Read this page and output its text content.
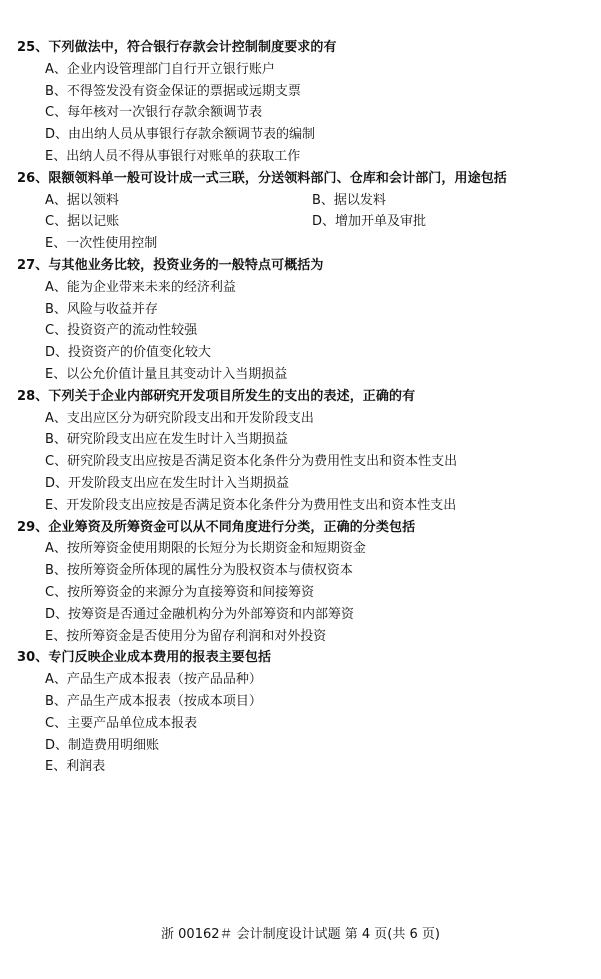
25、下列做法中，符合银行存款会计控制制度要求的有
A、企业内设管理部门自行开立银行账户
B、不得签发没有资金保证的票据或远期支票
C、每年核对一次银行存款余额调节表
D、由出纳人员从事银行存款余额调节表的编制
E、出纳人员不得从事银行对账单的获取工作
26、限额领料单一般可设计成一式三联，分送领料部门、仓库和会计部门，用途包括
A、据以领料	B、据以发料
C、据以记账	D、增加开单及审批
E、一次性使用控制
27、与其他业务比较，投资业务的一般特点可概括为
A、能为企业带来未来的经济利益
B、风险与收益并存
C、投资资产的流动性较强
D、投资资产的价值变化较大
E、以公允价值计量且其变动计入当期损益
28、下列关于企业内部研究开发项目所发生的支出的表述，正确的有
A、支出应区分为研究阶段支出和开发阶段支出
B、研究阶段支出应在发生时计入当期损益
C、研究阶段支出应按是否满足资本化条件分为费用性支出和资本性支出
D、开发阶段支出应在发生时计入当期损益
E、开发阶段支出应按是否满足资本化条件分为费用性支出和资本性支出
29、企业筹资及所筹资金可以从不同角度进行分类，正确的分类包括
A、按所筹资金使用期限的长短分为长期资金和短期资金
B、按所筹资金所体现的属性分为股权资本与债权资本
C、按所筹资金的来源分为直接筹资和间接筹资
D、按筹资是否通过金融机构分为外部筹资和内部筹资
E、按所筹资金是否使用分为留存利润和对外投资
30、专门反映企业成本费用的报表主要包括
A、产品生产成本报表（按产品品种）
B、产品生产成本报表（按成本项目）
C、主要产品单位成本报表
D、制造费用明细账
E、利润表
浙 00162＃ 会计制度设计试题 第 4 页(共 6 页)
